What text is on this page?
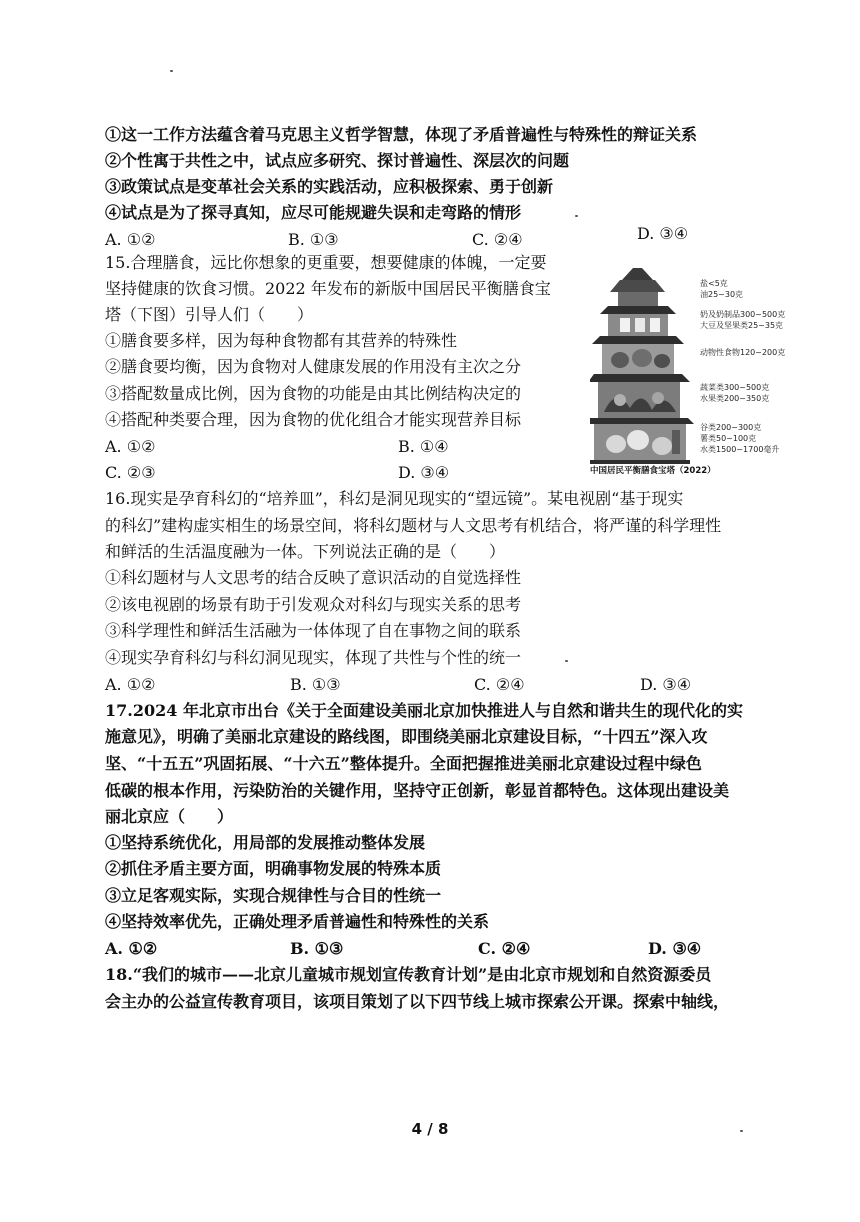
①这一工作方法蕴含着马克思主义哲学智慧，体现了矛盾普遍性与特殊性的辩证关系
②个性寓于共性之中，试点应多研究、探讨普遍性、深层次的问题
③政策试点是变革社会关系的实践活动，应积极探索、勇于创新
④试点是为了探寻真知，应尽可能规避失误和走弯路的情形
A. ①②	B. ①③	C. ②④	D. ③④
15.合理膳食，远比你想象的更重要，想要健康的体魄，一定要
坚持健康的饮食习惯。2022 年发布的新版中国居民平衡膳食宝
塔（下图）引导人们（　　）
①膳食要多样，因为每种食物都有其营养的特殊性
②膳食要均衡，因为食物对人健康发展的作用没有主次之分
③搭配数量成比例，因为食物的功能是由其比例结构决定的
④搭配种类要合理，因为食物的优化组合才能实现营养目标
A. ①②	B. ①④
C. ②③	D. ③④
盐<5克
油25~30克
奶及奶制品300~500克
大豆及坚果类25~35克
动物性食物120~200克
蔬菜类300~500克
水果类200~350克
谷类200~300克
薯类50~100克
水类1500~1700毫升
中国居民平衡膳食宝塔（2022）
16.现实是孕育科幻的“培养皿”，科幻是洞见现实的“望远镜”。某电视剧“基于现实
的科幻”建构虚实相生的场景空间，将科幻题材与人文思考有机结合，将严谨的科学理性
和鲜活的生活温度融为一体。下列说法正确的是（　　）
①科幻题材与人文思考的结合反映了意识活动的自觉选择性
②该电视剧的场景有助于引发观众对科幻与现实关系的思考
③科学理性和鲜活生活融为一体体现了自在事物之间的联系
④现实孕育科幻与科幻洞见现实，体现了共性与个性的统一
A. ①②	B. ①③	C. ②④	D. ③④
17.2024 年北京市出台《关于全面建设美丽北京加快推进人与自然和谐共生的现代化的实
施意见》，明确了美丽北京建设的路线图，即围绕美丽北京建设目标，“十四五”深入攻
坚、“十五五”巩固拓展、“十六五”整体提升。全面把握推进美丽北京建设过程中绿色
低碳的根本作用，污染防治的关键作用，坚持守正创新，彰显首都特色。这体现出建设美
丽北京应（　　）
①坚持系统优化，用局部的发展推动整体发展
②抓住矛盾主要方面，明确事物发展的特殊本质
③立足客观实际，实现合规律性与合目的性统一
④坚持效率优先，正确处理矛盾普遍性和特殊性的关系
A. ①②	B. ①③	C. ②④	D. ③④
18.“我们的城市——北京儿童城市规划宣传教育计划”是由北京市规划和自然资源委员
会主办的公益宣传教育项目，该项目策划了以下四节线上城市探索公开课。探索中轴线，
4 / 8
